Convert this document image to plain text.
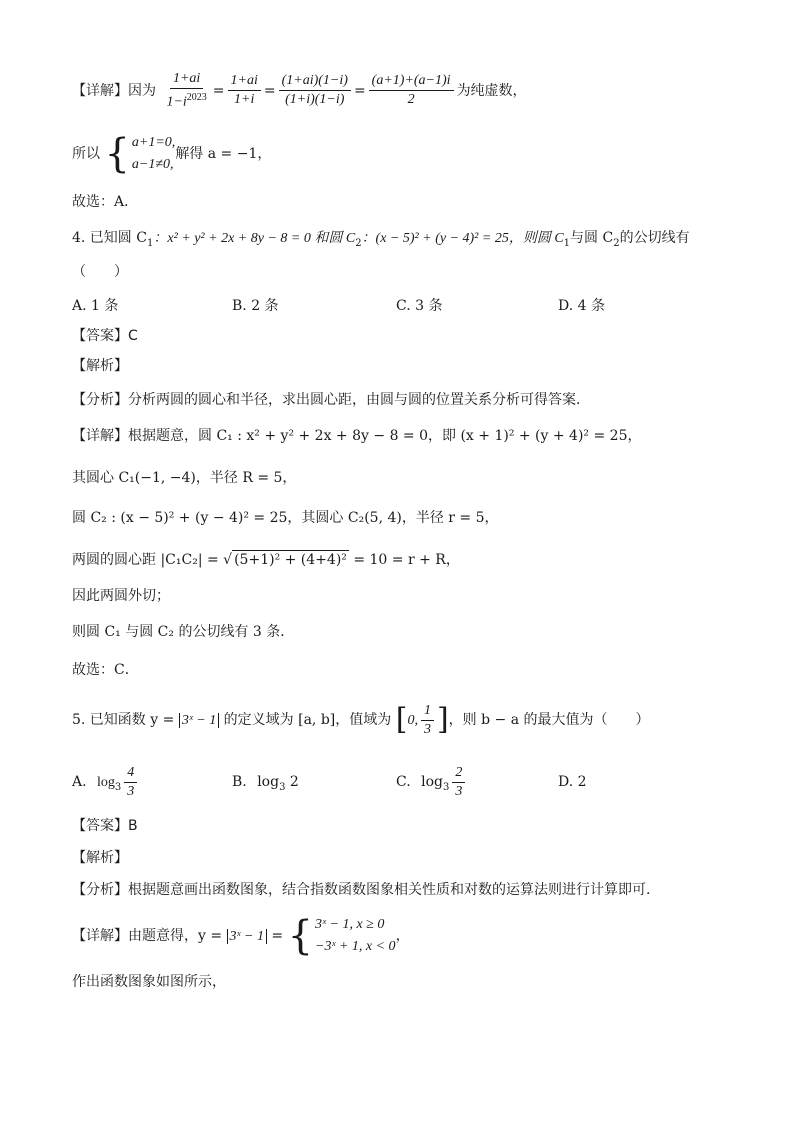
【详解】因为 $\frac{1+ai}{1-i^{2023}} = \frac{1+ai}{1+i} = \frac{(1+ai)(1-i)}{(1+i)(1-i)} = \frac{(a+1)+(a-1)i}{2}$ 为纯虚数，
所以 { a+1=0,
a−1≠0,
解得 a = −1，
故选：A．
4. 已知圆 $C_1$：x² + y² + 2x + 8y − 8 = 0 和圆 $C_2$：(x − 5)² + (y − 4)² = 25，则圆 $C_1$与圆 $C_2$的公切线有
（　　）
A. 1 条	B. 2 条	C. 3 条	D. 4 条
【答案】C
【解析】
【分析】分析两圆的圆心和半径，求出圆心距，由圆与圆的位置关系分析可得答案．
【详解】根据题意，圆 C₁ : x² + y² + 2x + 8y − 8 = 0，即 (x + 1)² + (y + 4)² = 25，
其圆心 C₁(−1, −4)，半径 R = 5，
圆 C₂ : (x − 5)² + (y − 4)² = 25，其圆心 C₂(5, 4)，半径 r = 5，
两圆的圆心距 |C₁C₂| = √ (5+1)² + (4+4)² = 10 = r + R，
因此两圆外切；
则圆 C₁ 与圆 C₂ 的公切线有 3 条．
故选：C．
5. 已知函数 y = 3ˣ − 1 的定义域为 [a, b]，值域为 [0, $\frac{1}{3}$ ]，则 b − a 的最大值为（　　）
A. $\log_3 \frac{4}{3}$	B. $\log_3 2$	C. $\log_3 \frac{2}{3}$	D. 2
【答案】B
【解析】
【分析】根据题意画出函数图象，结合指数函数图象相关性质和对数的运算法则进行计算即可.
【详解】由题意得，y = 3ˣ − 1 = { 3ˣ − 1, x ≥ 0
−3ˣ + 1, x < 0
，
作出函数图象如图所示，
